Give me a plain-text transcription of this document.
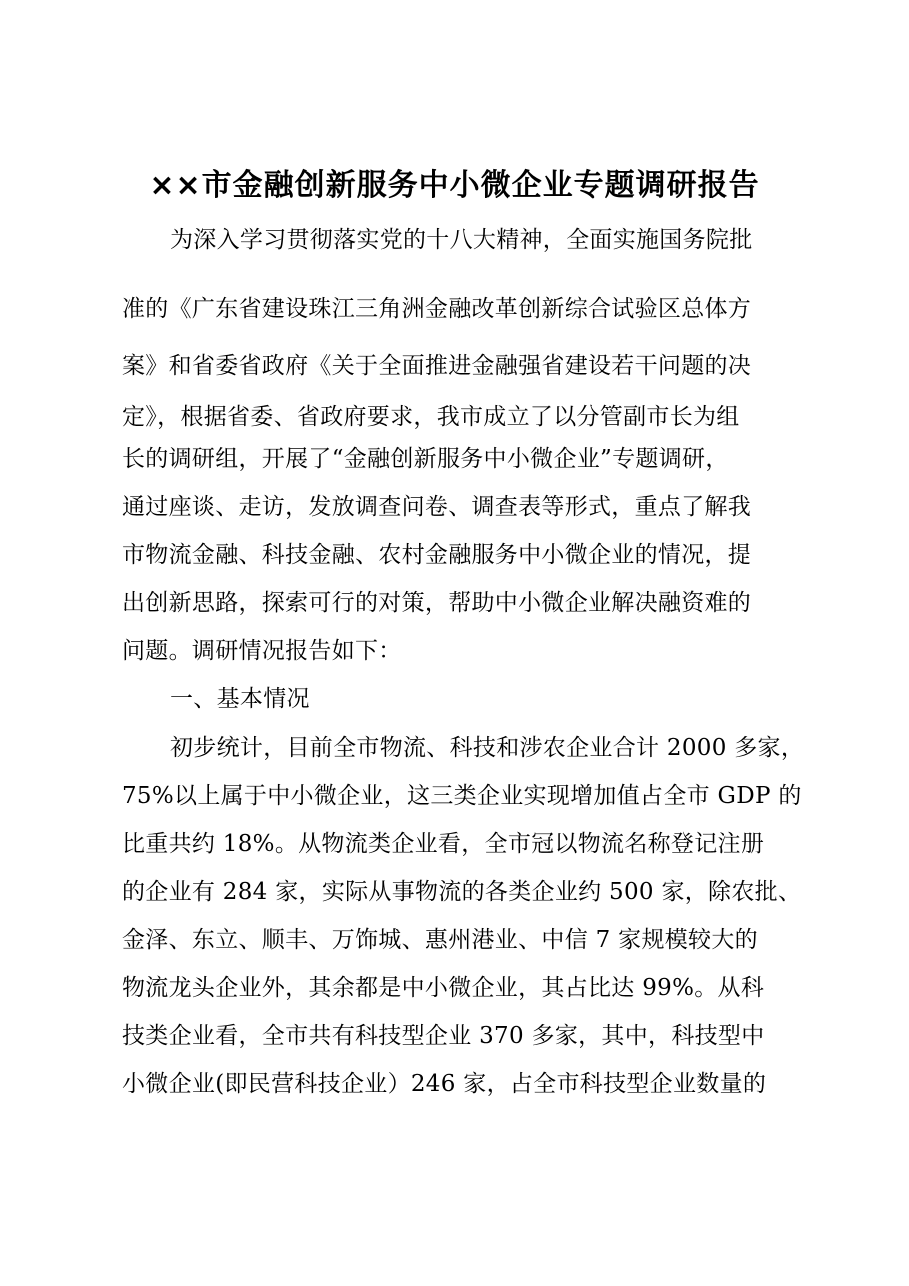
××市金融创新服务中小微企业专题调研报告
为深入学习贯彻落实党的十八大精神，全面实施国务院批
准的《广东省建设珠江三角洲金融改革创新综合试验区总体方
案》和省委省政府《关于全面推进金融强省建设若干问题的决
定》，根据省委、省政府要求，我市成立了以分管副市长为组
长的调研组，开展了“金融创新服务中小微企业”专题调研，
通过座谈、走访，发放调查问卷、调查表等形式，重点了解我
市物流金融、科技金融、农村金融服务中小微企业的情况，提
出创新思路，探索可行的对策，帮助中小微企业解决融资难的
问题。调研情况报告如下：
一、基本情况
初步统计，目前全市物流、科技和涉农企业合计 2000 多家，
75%以上属于中小微企业，这三类企业实现增加值占全市 GDP 的
比重共约 18%。从物流类企业看，全市冠以物流名称登记注册
的企业有 284 家，实际从事物流的各类企业约 500 家，除农批、
金泽、东立、顺丰、万饰城、惠州港业、中信 7 家规模较大的
物流龙头企业外，其余都是中小微企业，其占比达 99%。从科
技类企业看，全市共有科技型企业 370 多家，其中，科技型中
小微企业(即民营科技企业）246 家，占全市科技型企业数量的
